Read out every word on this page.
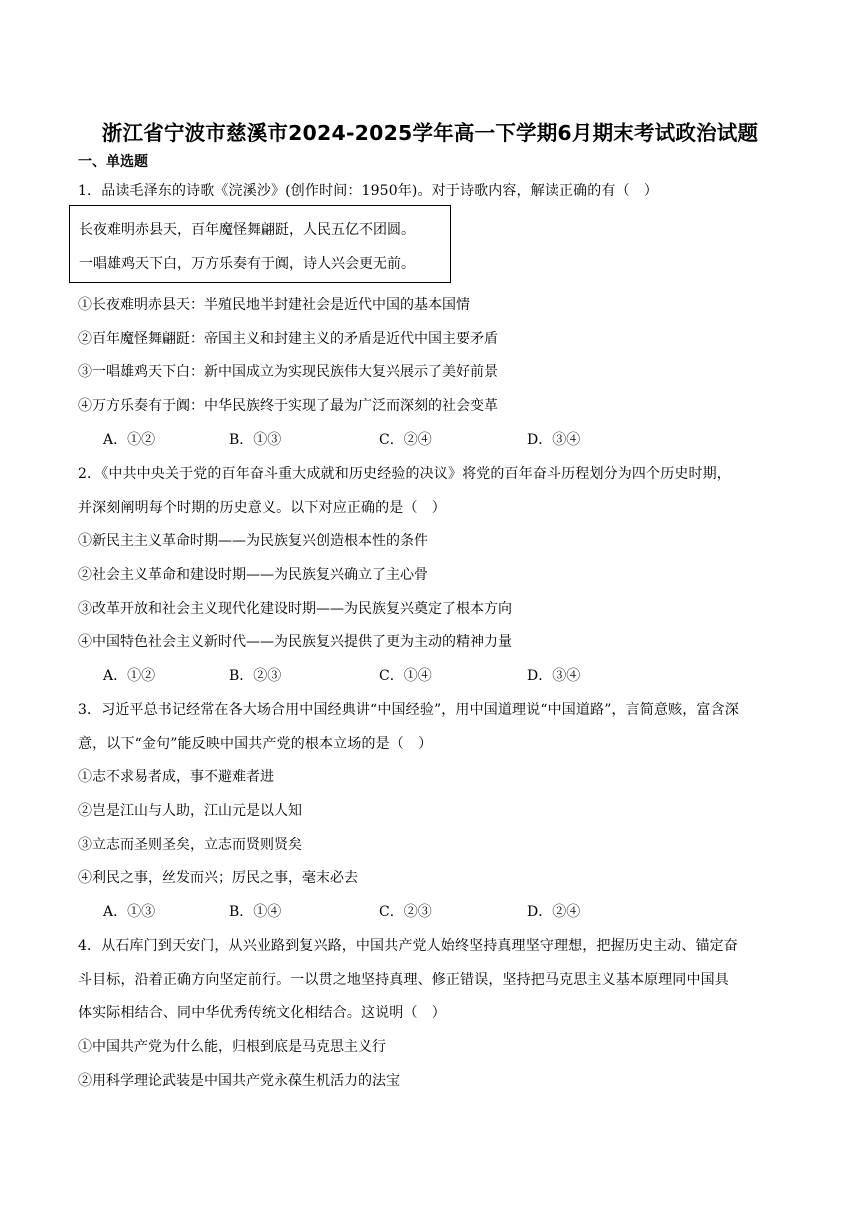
浙江省宁波市慈溪市2024-2025学年高一下学期6月期末考试政治试题
一、单选题
1．品读毛泽东的诗歌《浣溪沙》(创作时间：1950年)。对于诗歌内容，解读正确的有（　）
长夜难明赤县天，百年魔怪舞翩跹，人民五亿不团圆。
一唱雄鸡天下白，万方乐奏有于阗，诗人兴会更无前。
①长夜难明赤县天：半殖民地半封建社会是近代中国的基本国情
②百年魔怪舞翩跹：帝国主义和封建主义的矛盾是近代中国主要矛盾
③一唱雄鸡天下白：新中国成立为实现民族伟大复兴展示了美好前景
④万方乐奏有于阗：中华民族终于实现了最为广泛而深刻的社会变革
A．①②	B．①③	C．②④	D．③④
2．《中共中央关于党的百年奋斗重大成就和历史经验的决议》将党的百年奋斗历程划分为四个历史时期，
并深刻阐明每个时期的历史意义。以下对应正确的是（　）
①新民主主义革命时期——为民族复兴创造根本性的条件
②社会主义革命和建设时期——为民族复兴确立了主心骨
③改革开放和社会主义现代化建设时期——为民族复兴奠定了根本方向
④中国特色社会主义新时代——为民族复兴提供了更为主动的精神力量
A．①②	B．②③	C．①④	D．③④
3．习近平总书记经常在各大场合用中国经典讲“中国经验”，用中国道理说“中国道路”，言简意赅，富含深
意，以下“金句”能反映中国共产党的根本立场的是（　）
①志不求易者成，事不避难者进
②岂是江山与人助，江山元是以人知
③立志而圣则圣矣，立志而贤则贤矣
④利民之事，丝发而兴；厉民之事，毫末必去
A．①③	B．①④	C．②③	D．②④
4．从石库门到天安门，从兴业路到复兴路，中国共产党人始终坚持真理坚守理想，把握历史主动、锚定奋
斗目标，沿着正确方向坚定前行。一以贯之地坚持真理、修正错误，坚持把马克思主义基本原理同中国具
体实际相结合、同中华优秀传统文化相结合。这说明（　）
①中国共产党为什么能，归根到底是马克思主义行
②用科学理论武装是中国共产党永葆生机活力的法宝
